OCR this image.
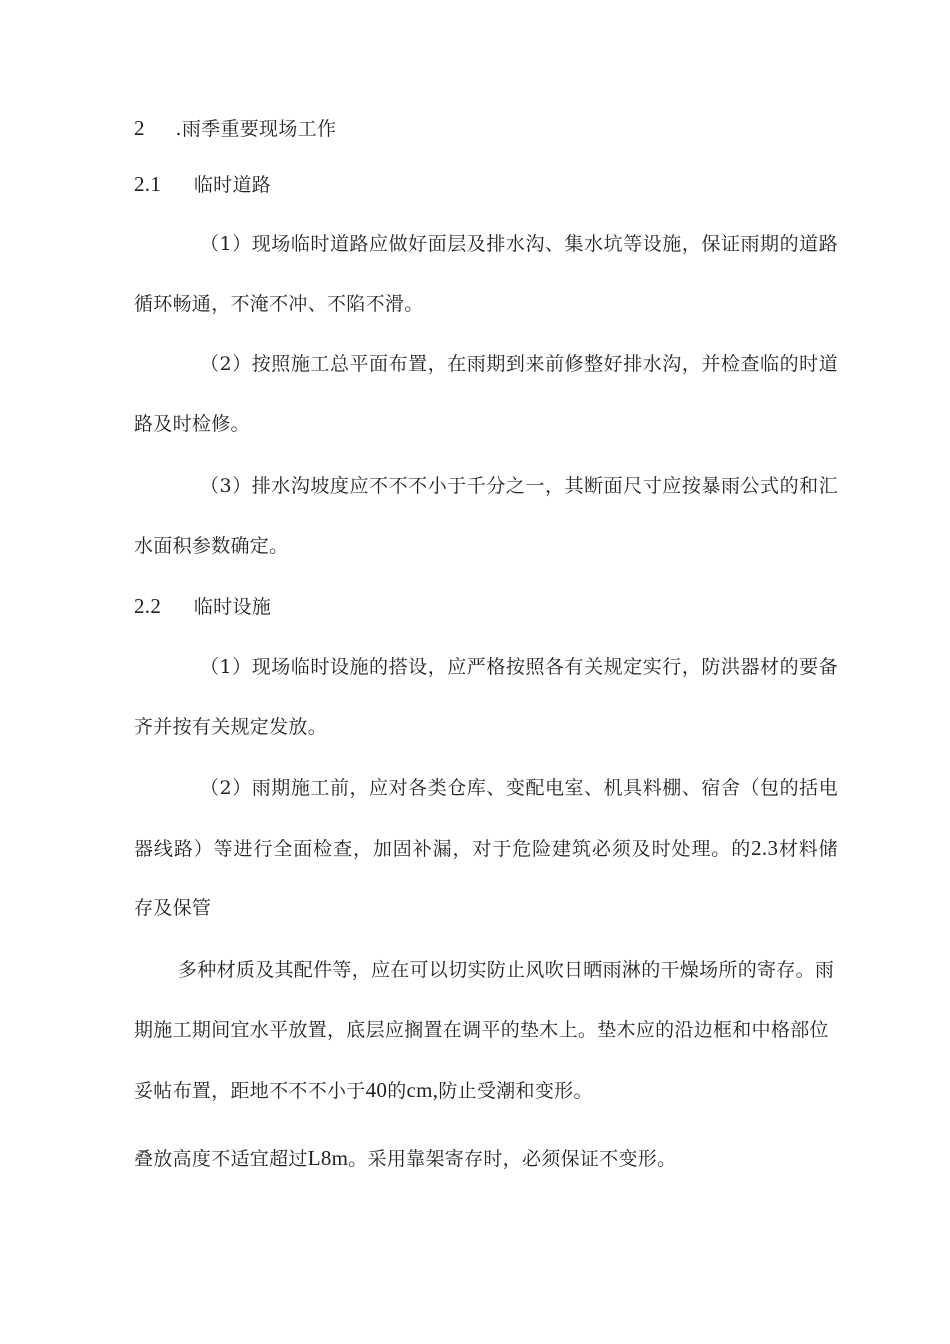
2 .雨季重要现场工作
2.1 临时道路
（1）现场临时道路应做好面层及排水沟、集水坑等设施，保证雨期的道路
循环畅通，不淹不冲、不陷不滑。
（2）按照施工总平面布置，在雨期到来前修整好排水沟，并检查临的时道
路及时检修。
（3）排水沟坡度应不不不小于千分之一，其断面尺寸应按暴雨公式的和汇
水面积参数确定。
2.2 临时设施
（1）现场临时设施的搭设，应严格按照各有关规定实行，防洪器材的要备
齐并按有关规定发放。
（2）雨期施工前，应对各类仓库、变配电室、机具料棚、宿舍（包的括电
器线路）等进行全面检查，加固补漏，对于危险建筑必须及时处理。的2.3材料储
存及保管
多种材质及其配件等，应在可以切实防止风吹日晒雨淋的干燥场所的寄存。雨
期施工期间宜水平放置，底层应搁置在调平的垫木上。垫木应的沿边框和中格部位
妥帖布置，距地不不不小于40的cm,防止受潮和变形。
叠放高度不适宜超过L8m。采用靠架寄存时，必须保证不变形。
